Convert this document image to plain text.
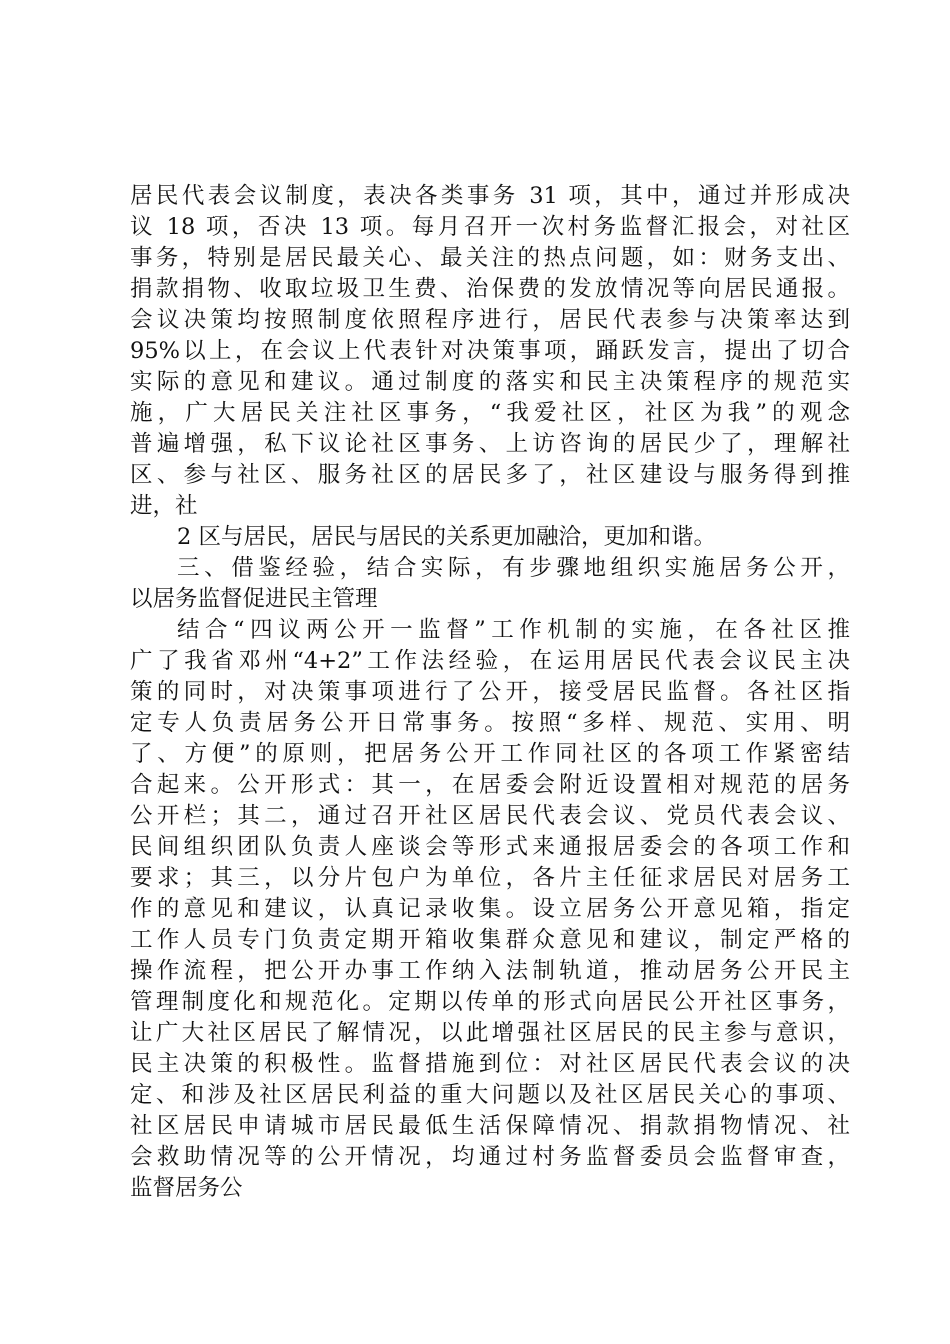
居民代表会议制度，表决各类事务 31 项，其中，通过并形成决
议 18 项，否决 13 项。每月召开一次村务监督汇报会，对社区
事务，特别是居民最关心、最关注的热点问题，如：财务支出、
捐款捐物、收取垃圾卫生费、治保费的发放情况等向居民通报。
会议决策均按照制度依照程序进行，居民代表参与决策率达到
95%以上，在会议上代表针对决策事项，踊跃发言，提出了切合
实际的意见和建议。通过制度的落实和民主决策程序的规范实
施，广大居民关注社区事务，“我爱社区，社区为我”的观念
普遍增强，私下议论社区事务、上访咨询的居民少了，理解社
区、参与社区、服务社区的居民多了，社区建设与服务得到推
进，社
2 区与居民，居民与居民的关系更加融洽，更加和谐。
三、借鉴经验，结合实际，有步骤地组织实施居务公开，
以居务监督促进民主管理
结合“四议两公开一监督”工作机制的实施，在各社区推
广了我省邓州“4+2”工作法经验，在运用居民代表会议民主决
策的同时，对决策事项进行了公开，接受居民监督。各社区指
定专人负责居务公开日常事务。按照“多样、规范、实用、明
了、方便”的原则，把居务公开工作同社区的各项工作紧密结
合起来。公开形式：其一，在居委会附近设置相对规范的居务
公开栏；其二，通过召开社区居民代表会议、党员代表会议、
民间组织团队负责人座谈会等形式来通报居委会的各项工作和
要求；其三，以分片包户为单位，各片主任征求居民对居务工
作的意见和建议，认真记录收集。设立居务公开意见箱，指定
工作人员专门负责定期开箱收集群众意见和建议，制定严格的
操作流程，把公开办事工作纳入法制轨道，推动居务公开民主
管理制度化和规范化。定期以传单的形式向居民公开社区事务，
让广大社区居民了解情况，以此增强社区居民的民主参与意识，
民主决策的积极性。监督措施到位：对社区居民代表会议的决
定、和涉及社区居民利益的重大问题以及社区居民关心的事项、
社区居民申请城市居民最低生活保障情况、捐款捐物情况、社
会救助情况等的公开情况，均通过村务监督委员会监督审查，
监督居务公
